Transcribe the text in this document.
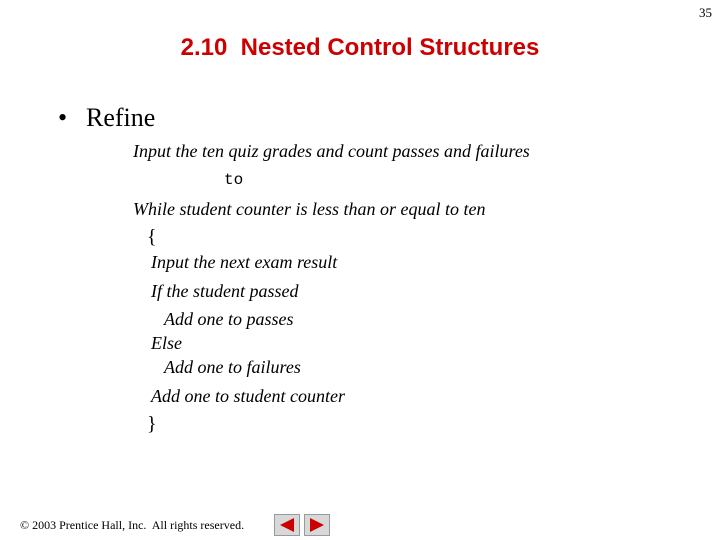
35
2.10  Nested Control Structures
• Refine
Input the ten quiz grades and count passes and failures
to
While student counter is less than or equal to ten
{
Input the next exam result
If the student passed
Add one to passes
Else
Add one to failures
Add one to student counter
}
© 2003 Prentice Hall, Inc.  All rights reserved.
